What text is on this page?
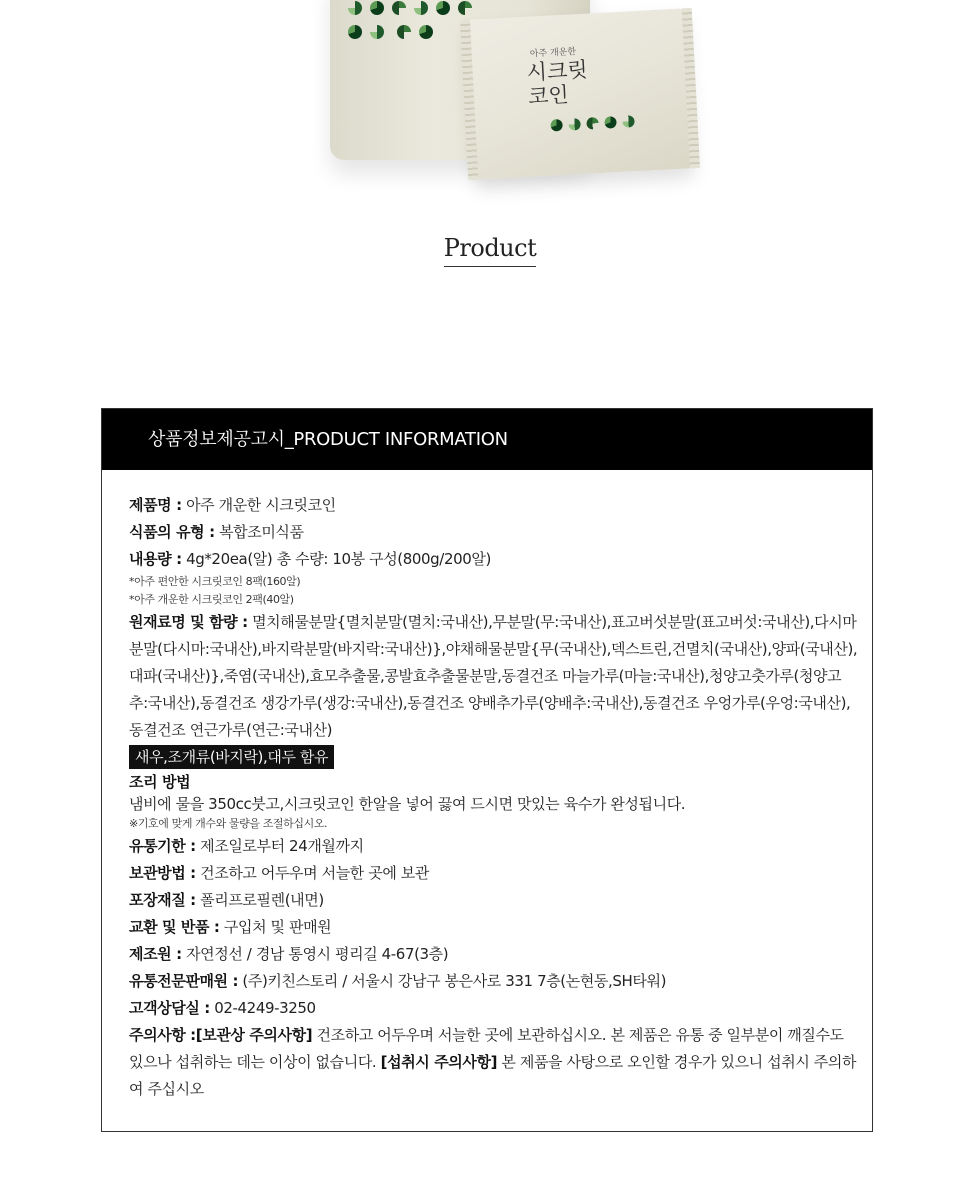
아주 개운한
시크릿
코인
Product
상품정보제공고시_PRODUCT INFORMATION

제품명 : 아주 개운한 시크릿코인

식품의 유형 : 복합조미식품

내용량 : 4g*20ea(알) 총 수량: 10봉 구성(800g/200알)

*아주 편안한 시크릿코인 8팩(160알)

*아주 개운한 시크릿코인 2팩(40알)

원재료명 및 함량 : 멸치해물분말{멸치분말(멸치:국내산),무분말(무:국내산),표고버섯분말(표고버섯:국내산),다시마분말(다시마:국내산),바지락분말(바지락:국내산)},야채해물분말{무(국내산),덱스트린,건멸치(국내산),양파(국내산),대파(국내산)},죽염(국내산),효모추출물,콩발효추출물분말,동결건조 마늘가루(마늘:국내산),청양고춧가루(청양고추:국내산),동결건조 생강가루(생강:국내산),동결건조 양배추가루(양배추:국내산),동결건조 우엉가루(우엉:국내산),동결건조 연근가루(연근:국내산)

새우,조개류(바지락),대두 함유

조리 방법

냄비에 물을 350cc붓고,시크릿코인 한알을 넣어 끓여 드시면 맛있는 육수가 완성됩니다.

※기호에 맞게 개수와 물량을 조절하십시오.

유통기한 : 제조일로부터 24개월까지

보관방법 : 건조하고 어두우며 서늘한 곳에 보관

포장재질 : 폴리프로필렌(내면)

교환 및 반품 : 구입처 및 판매원

제조원 : 자연정선 / 경남 통영시 평리길 4-67(3층)

유통전문판매원 : (주)키친스토리 / 서울시 강남구 봉은사로 331 7층(논현동,SH타워)

고객상담실 : 02-4249-3250

주의사항 :[보관상 주의사항] 건조하고 어두우며 서늘한 곳에 보관하십시오. 본 제품은 유통 중 일부분이 깨질수도 있으나 섭취하는 데는 이상이 없습니다. [섭취시 주의사항] 본 제품을 사탕으로 오인할 경우가 있으니 섭취시 주의하여 주십시오
